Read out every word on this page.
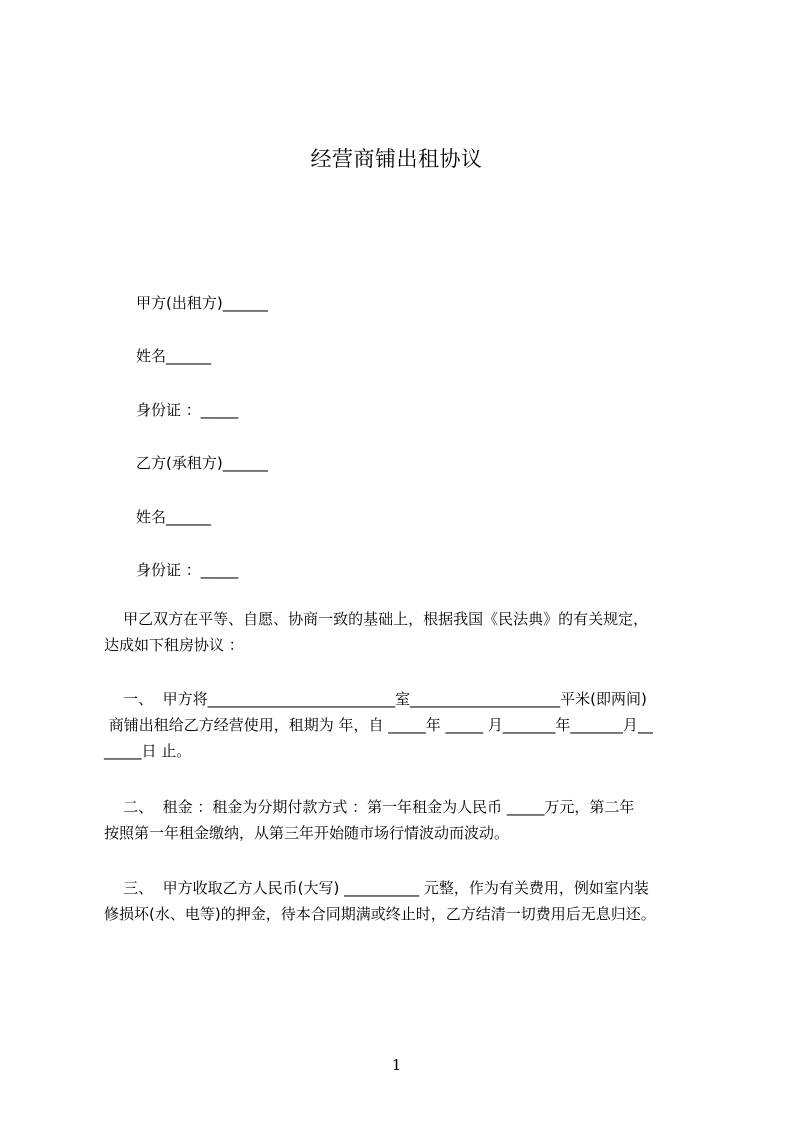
经营商铺出租协议
甲方(出租方)______
姓名______
身份证 ：_____
乙方(承租方)______
姓名______
身份证 ：_____
甲乙双方在平等、自愿、协商一致的基础上，根据我国《民法典》的有关规定，
达成如下租房协议 ：
一、  甲方将_________________________室____________________平米(即两间)
商铺出租给乙方经营使用，租期为 年，自 _____年 _____ 月_______年_______月__
_____日 止。
二、  租金 ：租金为分期付款方式 ：第一年租金为人民币 _____万元，第二年
按照第一年租金缴纳，从第三年开始随市场行情波动而波动。
三、  甲方收取乙方人民币(大写) __________ 元整，作为有关费用，例如室内装
修损坏(水、电等)的押金，待本合同期满或终止时，乙方结清一切费用后无息归还。
1
